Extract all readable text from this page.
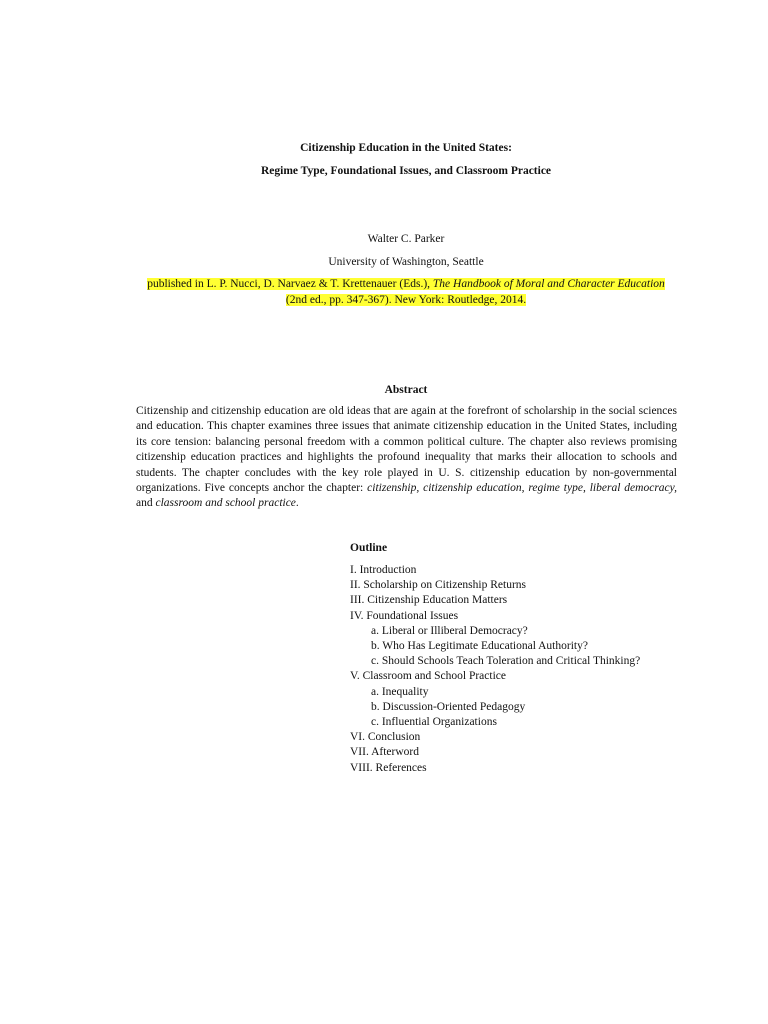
Citizenship Education in the United States:
Regime Type, Foundational Issues, and Classroom Practice
Walter C. Parker
University of Washington, Seattle
published in L. P. Nucci, D. Narvaez & T. Krettenauer (Eds.), The Handbook of Moral and Character Education (2nd ed., pp. 347-367). New York: Routledge, 2014.
Abstract
Citizenship and citizenship education are old ideas that are again at the forefront of scholarship in the social sciences and education. This chapter examines three issues that animate citizenship education in the United States, including its core tension: balancing personal freedom with a common political culture. The chapter also reviews promising citizenship education practices and highlights the profound inequality that marks their allocation to schools and students. The chapter concludes with the key role played in U. S. citizenship education by non-governmental organizations. Five concepts anchor the chapter: citizenship, citizenship education, regime type, liberal democracy, and classroom and school practice.
Outline
I. Introduction
II. Scholarship on Citizenship Returns
III. Citizenship Education Matters
IV. Foundational Issues
a. Liberal or Illiberal Democracy?
b. Who Has Legitimate Educational Authority?
c. Should Schools Teach Toleration and Critical Thinking?
V. Classroom and School Practice
a. Inequality
b. Discussion-Oriented Pedagogy
c. Influential Organizations
VI. Conclusion
VII. Afterword
VIII. References
